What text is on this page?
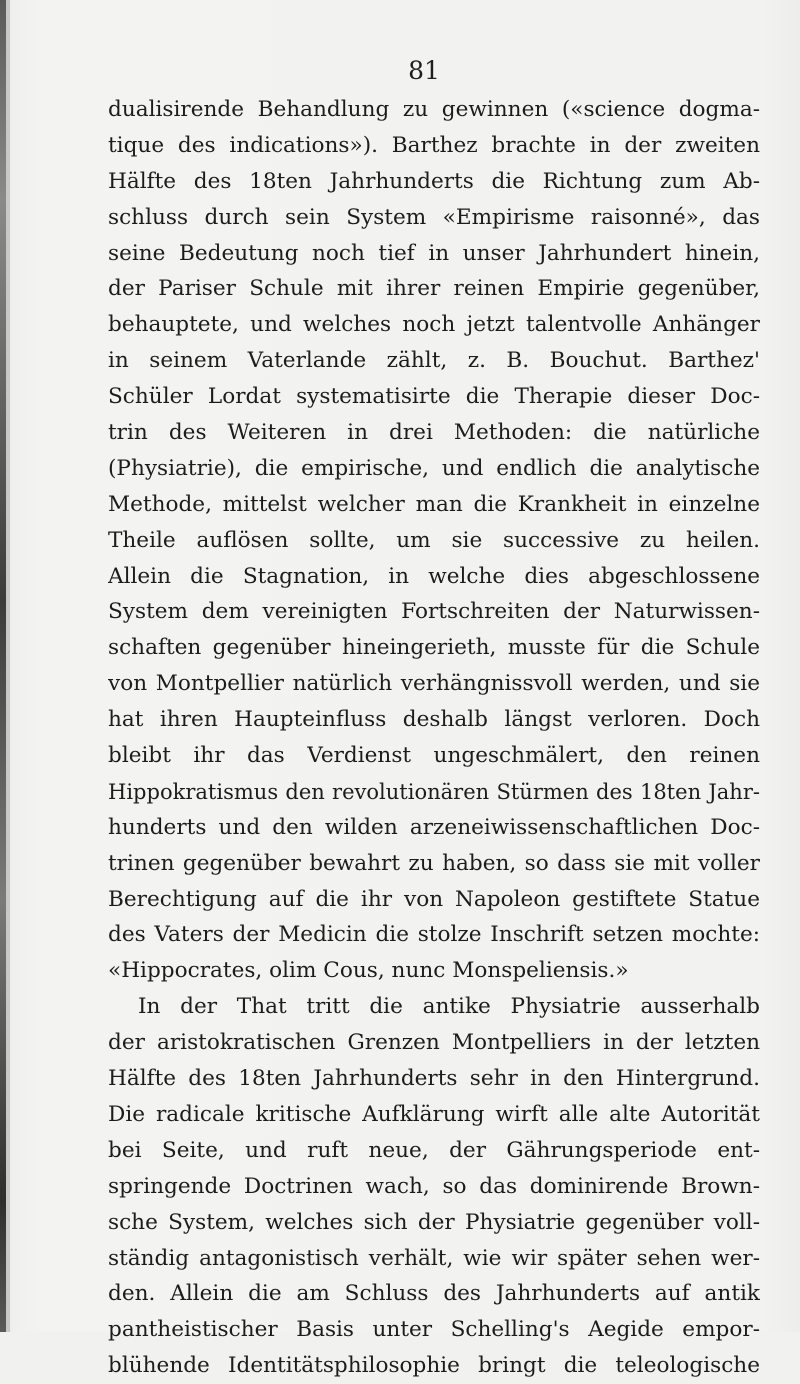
81
dualisirende Behandlung zu gewinnen («science dogma-
tique des indications»). Barthez brachte in der zweiten
Hälfte des 18ten Jahrhunderts die Richtung zum Ab-
schluss durch sein System «Empirisme raisonné», das
seine Bedeutung noch tief in unser Jahrhundert hinein,
der Pariser Schule mit ihrer reinen Empirie gegenüber,
behauptete, und welches noch jetzt talentvolle Anhänger
in seinem Vaterlande zählt, z. B. Bouchut. Barthez'
Schüler Lordat systematisirte die Therapie dieser Doc-
trin des Weiteren in drei Methoden: die natürliche
(Physiatrie), die empirische, und endlich die analytische
Methode, mittelst welcher man die Krankheit in einzelne
Theile auflösen sollte, um sie successive zu heilen.
Allein die Stagnation, in welche dies abgeschlossene
System dem vereinigten Fortschreiten der Naturwissen-
schaften gegenüber hineingerieth, musste für die Schule
von Montpellier natürlich verhängnissvoll werden, und sie
hat ihren Haupteinfluss deshalb längst verloren. Doch
bleibt ihr das Verdienst ungeschmälert, den reinen
Hippokratismus den revolutionären Stürmen des 18ten Jahr-
hunderts und den wilden arzeneiwissenschaftlichen Doc-
trinen gegenüber bewahrt zu haben, so dass sie mit voller
Berechtigung auf die ihr von Napoleon gestiftete Statue
des Vaters der Medicin die stolze Inschrift setzen mochte:
«Hippocrates, olim Cous, nunc Monspeliensis.»
In der That tritt die antike Physiatrie ausserhalb
der aristokratischen Grenzen Montpelliers in der letzten
Hälfte des 18ten Jahrhunderts sehr in den Hintergrund.
Die radicale kritische Aufklärung wirft alle alte Autorität
bei Seite, und ruft neue, der Gährungsperiode ent-
springende Doctrinen wach, so das dominirende Brown-
sche System, welches sich der Physiatrie gegenüber voll-
ständig antagonistisch verhält, wie wir später sehen wer-
den. Allein die am Schluss des Jahrhunderts auf antik
pantheistischer Basis unter Schelling's Aegide empor-
blühende Identitätsphilosophie bringt die teleologische
